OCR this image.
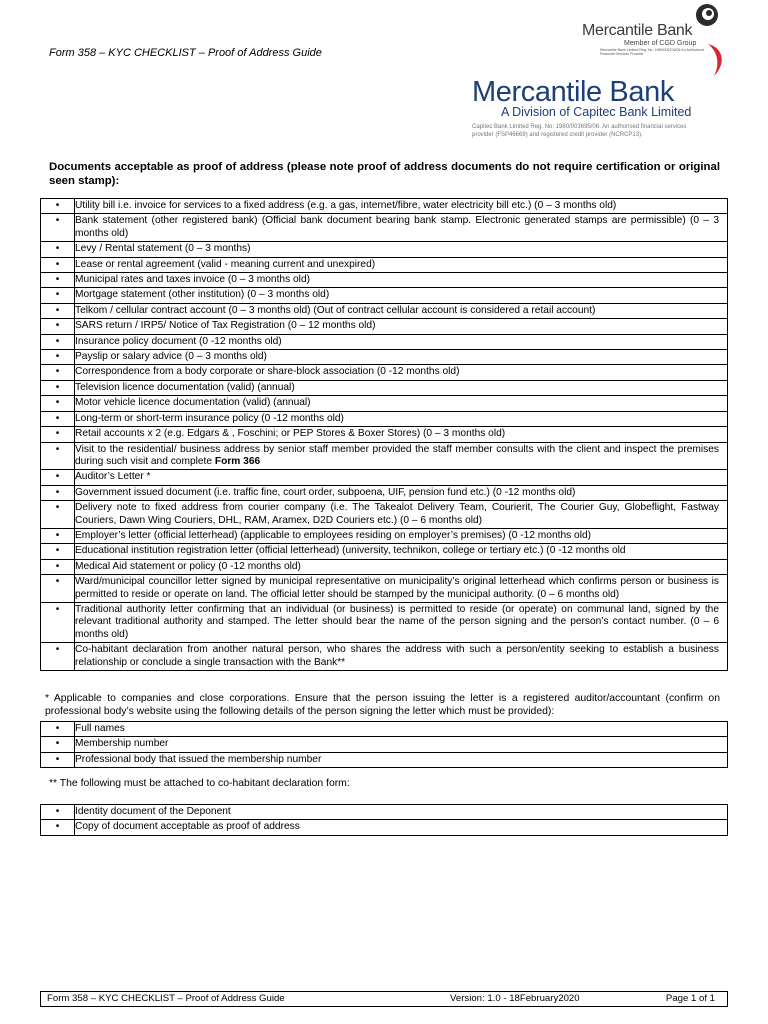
Form 358 – KYC CHECKLIST – Proof of Address Guide
Mercantile Bank
Member of CGD Group
Mercantile Bank Limited Reg. No. 1965/006706/06 An Authorised Financial Services Provider
Mercantile Bank
A Division of Capitec Bank Limited
Capitec Bank Limited Reg. No: 1980/003695/06. An authorised financial services provider (FSP46669) and registered credit provider (NCRCP13).
Documents acceptable as proof of address (please note proof of address documents do not require certification or original seen stamp):
•	Utility bill i.e. invoice for services to a fixed address (e.g. a gas, internet/fibre, water electricity bill etc.) (0 – 3 months old)
•	Bank statement (other registered bank) (Official bank document bearing bank stamp. Electronic generated stamps are permissible) (0 – 3 months old)
•	Levy / Rental statement (0 – 3 months)
•	Lease or rental agreement (valid - meaning current and unexpired)
•	Municipal rates and taxes invoice (0 – 3 months old)
•	Mortgage statement (other institution) (0 – 3 months old)
•	Telkom / cellular contract account (0 – 3 months old) (Out of contract cellular account is considered a retail account)
•	SARS return / IRP5/ Notice of Tax Registration (0 – 12 months old)
•	Insurance policy document (0 -12 months old)
•	Payslip or salary advice (0 – 3 months old)
•	Correspondence from a body corporate or share-block association (0 -12 months old)
•	Television licence documentation (valid) (annual)
•	Motor vehicle licence documentation (valid) (annual)
•	Long-term or short-term insurance policy (0 -12 months old)
•	Retail accounts x 2 (e.g. Edgars & , Foschini; or PEP Stores & Boxer Stores) (0 – 3 months old)
•	Visit to the residential/ business address by senior staff member provided the staff member consults with the client and inspect the premises during such visit and complete Form 366
•	Auditor’s Letter *
•	Government issued document (i.e. traffic fine, court order, subpoena, UIF, pension fund etc.) (0 -12 months old)
•	Delivery note to fixed address from courier company (i.e. The Takealot Delivery Team, Courierit, The Courier Guy, Globeflight, Fastway Couriers, Dawn Wing Couriers, DHL, RAM, Aramex, D2D Couriers etc.) (0 – 6 months old)
•	Employer’s letter (official letterhead) (applicable to employees residing on employer’s premises) (0 -12 months old)
•	Educational institution registration letter (official letterhead) (university, technikon, college or tertiary etc.) (0 -12 months old
•	Medical Aid statement or policy (0 -12 months old)
•	Ward/municipal councillor letter signed by municipal representative on municipality’s original letterhead which confirms person or business is permitted to reside or operate on land. The official letter should be stamped by the municipal authority. (0 – 6 months old)
•	Traditional authority letter confirming that an individual (or business) is permitted to reside (or operate) on communal land, signed by the relevant traditional authority and stamped. The letter should bear the name of the person signing and the person’s contact number. (0 – 6 months old)
•	Co-habitant declaration from another natural person, who shares the address with such a person/entity seeking to establish a business relationship or conclude a single transaction with the Bank**
* Applicable to companies and close corporations. Ensure that the person issuing the letter is a registered auditor/accountant (confirm on professional body’s website using the following details of the person signing the letter which must be provided):
•	Full names
•	Membership number
•	Professional body that issued the membership number
** The following must be attached to co-habitant declaration form:
•	Identity document of the Deponent
•	Copy of document acceptable as proof of address
Form 358 – KYC CHECKLIST – Proof of Address Guide	Version: 1.0 - 18February2020	Page 1 of 1
